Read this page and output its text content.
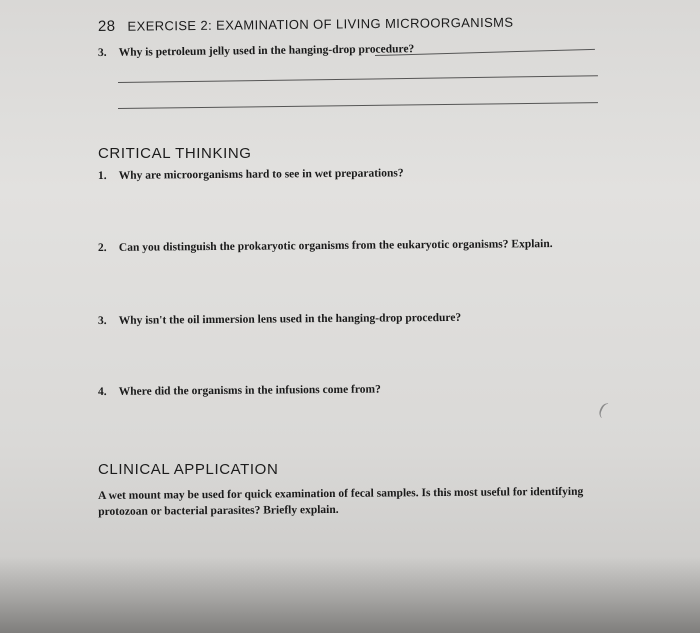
28 EXERCISE 2: EXAMINATION OF LIVING MICROORGANISMS
3. Why is petroleum jelly used in the hanging-drop procedure?
CRITICAL THINKING
1. Why are microorganisms hard to see in wet preparations?
2. Can you distinguish the prokaryotic organisms from the eukaryotic organisms? Explain.
3. Why isn't the oil immersion lens used in the hanging-drop procedure?
4. Where did the organisms in the infusions come from?
(
CLINICAL APPLICATION
A wet mount may be used for quick examination of fecal samples. Is this most useful for identifying protozoan or bacterial parasites? Briefly explain.
